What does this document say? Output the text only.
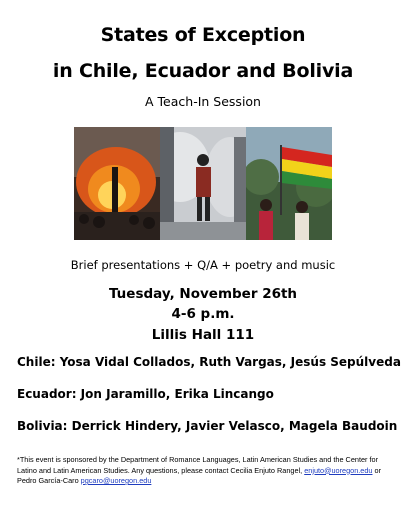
States of Exception
in Chile, Ecuador and Bolivia
A Teach-In Session
Brief presentations + Q/A + poetry and music
Tuesday, November 26th
4-6 p.m.
Lillis Hall 111
Chile: Yosa Vidal Collados, Ruth Vargas, Jesús Sepúlveda
Ecuador: Jon Jaramillo, Erika Lincango
Bolivia: Derrick Hindery, Javier Velasco, Magela Baudoin
*This event is sponsored by the Department of Romance Languages, Latin American Studies and the Center for Latino and Latin American Studies. Any questions, please contact Cecilia Enjuto Rangel, enjuto@uoregon.edu or Pedro García-Caro pgcaro@uoregon.edu
